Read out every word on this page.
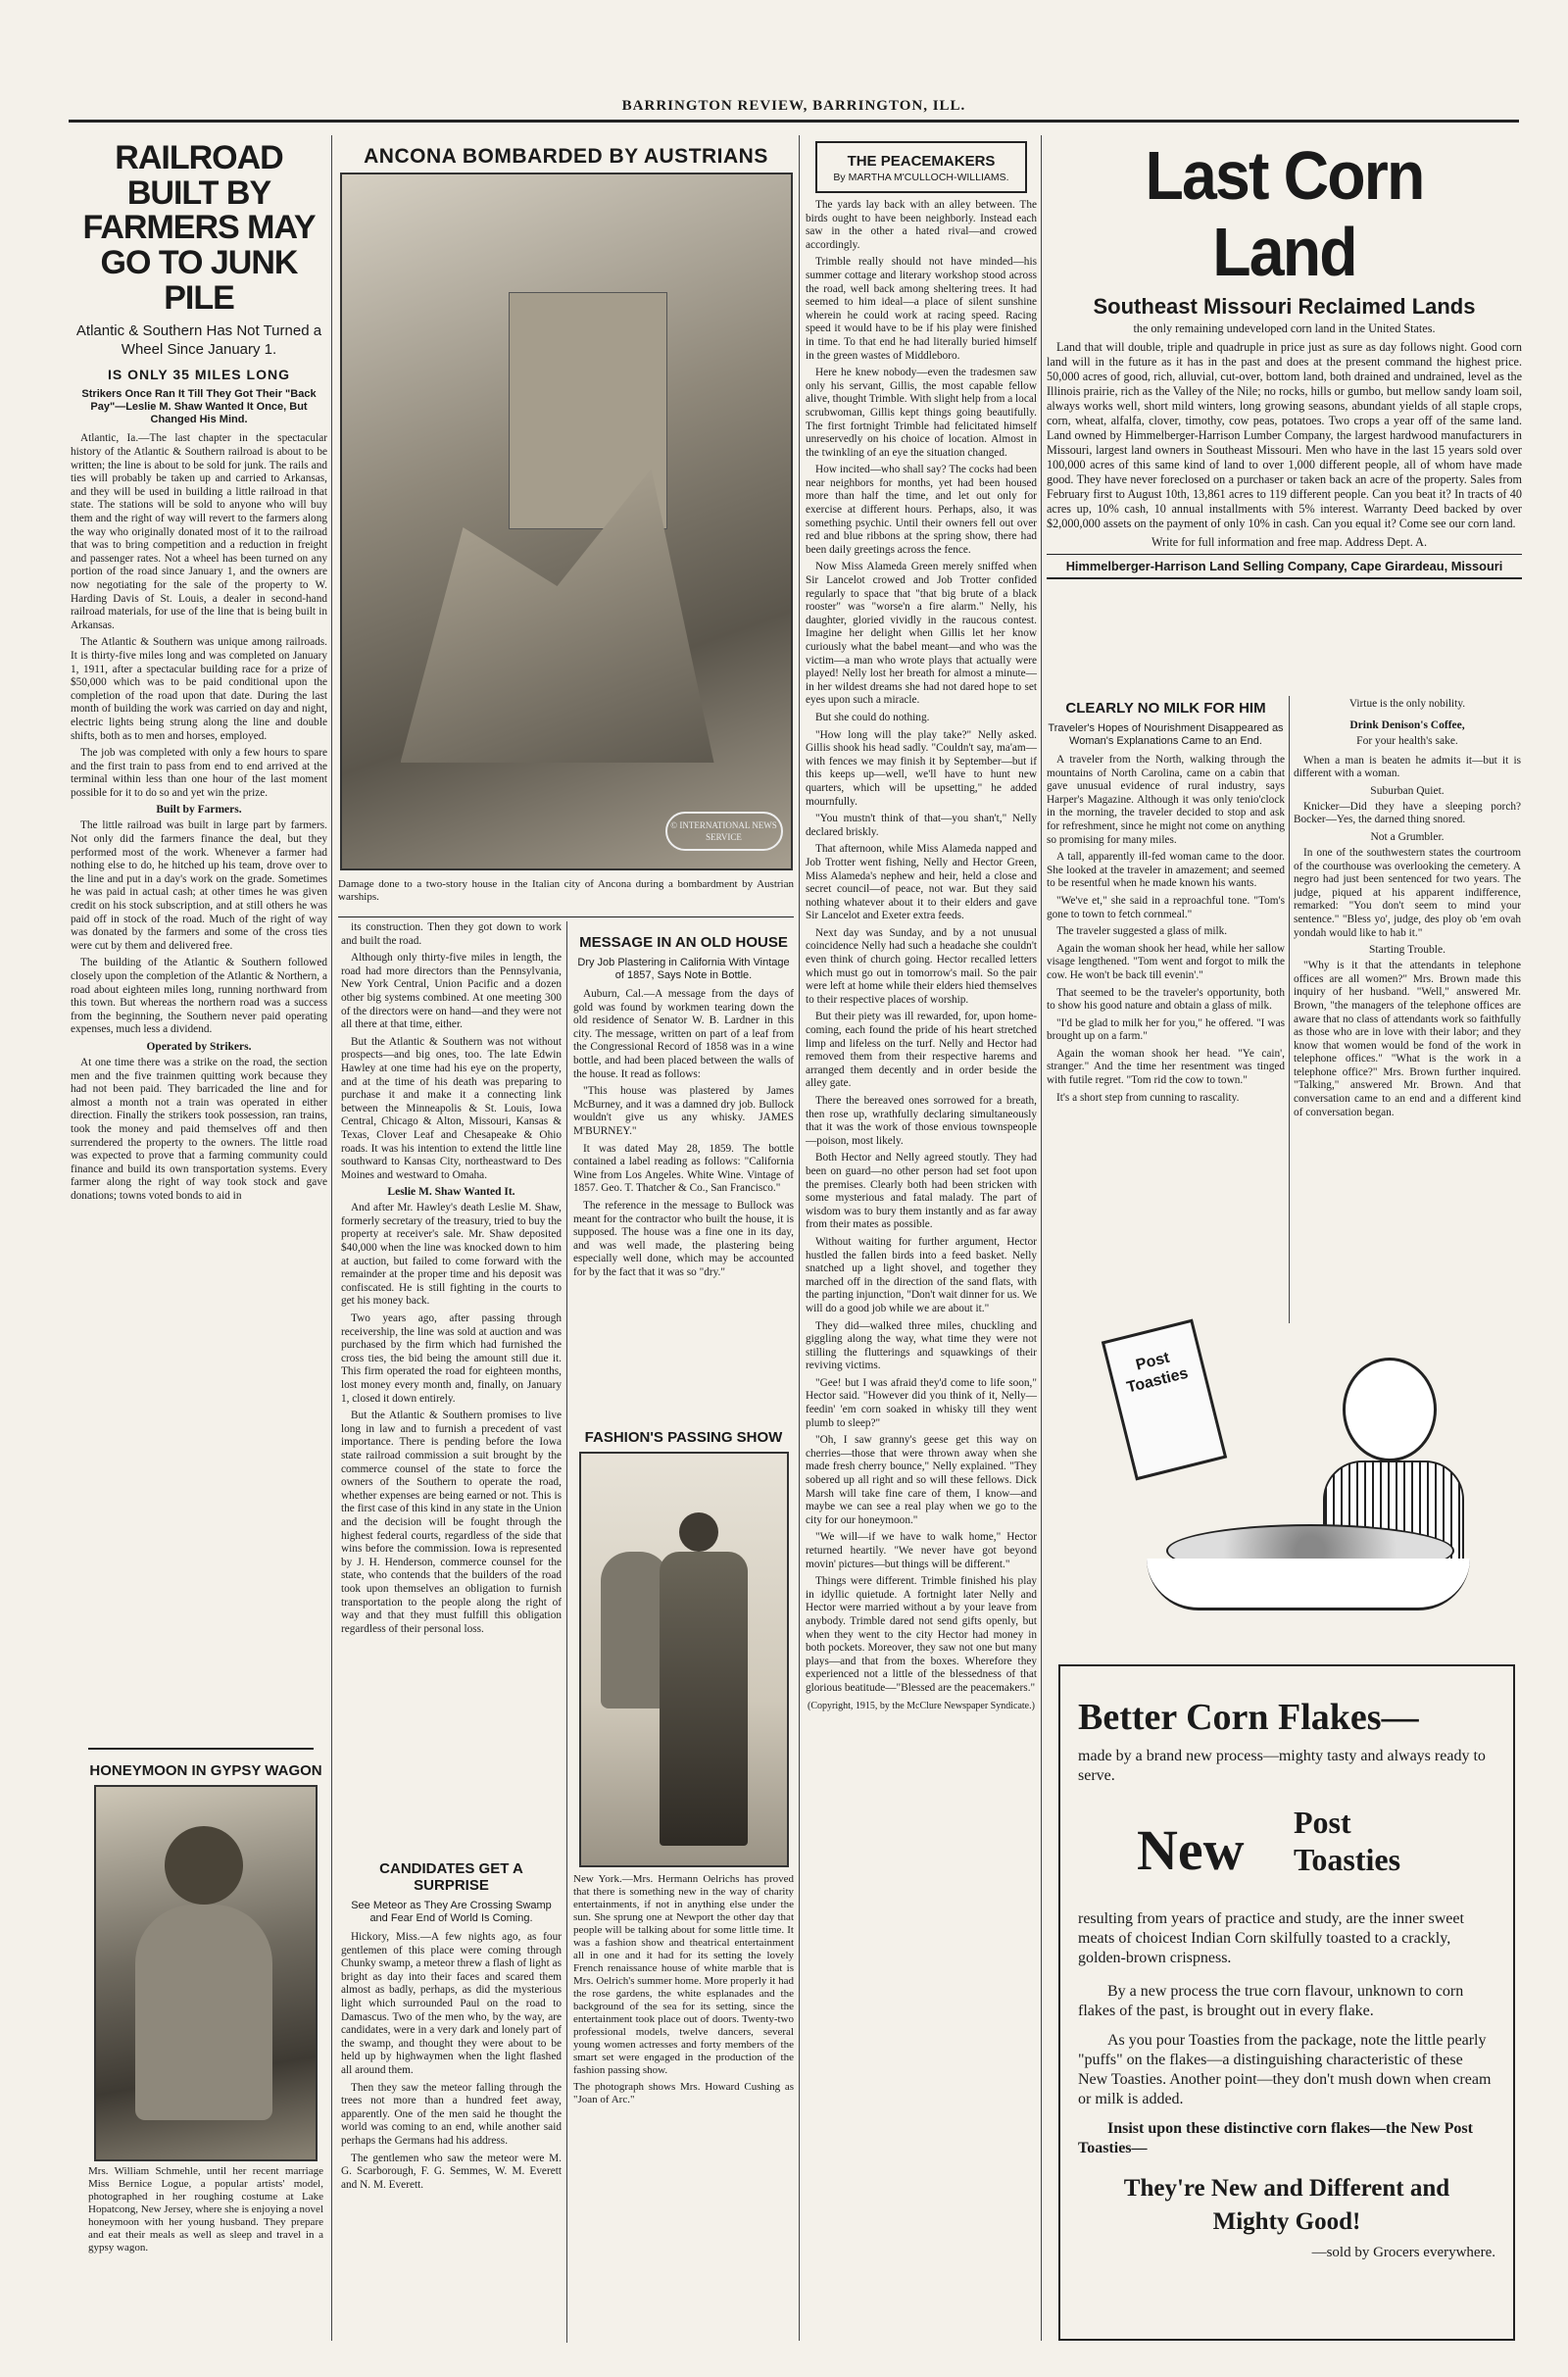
BARRINGTON REVIEW, BARRINGTON, ILL.
RAILROAD BUILT BY FARMERS MAY GO TO JUNK PILE
Atlantic & Southern Has Not Turned a Wheel Since January 1.
IS ONLY 35 MILES LONG
Strikers Once Ran It Till They Got Their "Back Pay"—Leslie M. Shaw Wanted It Once, But Changed His Mind.

Atlantic, Ia.—The last chapter in the spectacular history of the Atlantic & Southern railroad is about to be written; the line is about to be sold for junk. The rails and ties will probably be taken up and carried to Arkansas, and they will be used in building a little railroad in that state. The stations will be sold to anyone who will buy them and the right of way will revert to the farmers along the way who originally donated most of it to the railroad that was to bring competition and a reduction in freight and passenger rates. Not a wheel has been turned on any portion of the road since January 1, and the owners are now negotiating for the sale of the property to W. Harding Davis of St. Louis, a dealer in second-hand railroad materials, for use of the line that is being built in Arkansas.

The Atlantic & Southern was unique among railroads. It is thirty-five miles long and was completed on January 1, 1911, after a spectacular building race for a prize of $50,000 which was to be paid conditional upon the completion of the road upon that date. During the last month of building the work was carried on day and night, electric lights being strung along the line and double shifts, both as to men and horses, employed.

The job was completed with only a few hours to spare and the first train to pass from end to end arrived at the terminal within less than one hour of the last moment possible for it to do so and yet win the prize.

Built by Farmers.

The little railroad was built in large part by farmers. Not only did the farmers finance the deal, but they performed most of the work. Whenever a farmer had nothing else to do, he hitched up his team, drove over to the line and put in a day's work on the grade. Sometimes he was paid in actual cash; at other times he was given credit on his stock subscription, and at still others he was paid off in stock of the road. Much of the right of way was donated by the farmers and some of the cross ties were cut by them and delivered free.

The building of the Atlantic & Southern followed closely upon the completion of the Atlantic & Northern, a road about eighteen miles long, running northward from this town. But whereas the northern road was a success from the beginning, the Southern never paid operating expenses, much less a dividend.

Operated by Strikers.

At one time there was a strike on the road, the section men and the five trainmen quitting work because they had not been paid. They barricaded the line and for almost a month not a train was operated in either direction. Finally the strikers took possession, ran trains, took the money and paid themselves off and then surrendered the property to the owners. The little road was expected to prove that a farming community could finance and build its own transportation systems. Every farmer along the right of way took stock and gave donations; towns voted bonds to aid in

HONEYMOON IN GYPSY WAGON
Mrs. William Schmehle, until her recent marriage Miss Bernice Logue, a popular artists' model, photographed in her roughing costume at Lake Hopatcong, New Jersey, where she is enjoying a novel honeymoon with her young husband. They prepare and eat their meals as well as sleep and travel in a gypsy wagon.
ANCONA BOMBARDED BY AUSTRIANS
© INTERNATIONAL NEWS SERVICE
Damage done to a two-story house in the Italian city of Ancona during a bombardment by Austrian warships.

its construction. Then they got down to work and built the road.

Although only thirty-five miles in length, the road had more directors than the Pennsylvania, New York Central, Union Pacific and a dozen other big systems combined. At one meeting 300 of the directors were on hand—and they were not all there at that time, either.

But the Atlantic & Southern was not without prospects—and big ones, too. The late Edwin Hawley at one time had his eye on the property, and at the time of his death was preparing to purchase it and make it a connecting link between the Minneapolis & St. Louis, Iowa Central, Chicago & Alton, Missouri, Kansas & Texas, Clover Leaf and Chesapeake & Ohio roads. It was his intention to extend the little line southward to Kansas City, northeastward to Des Moines and westward to Omaha.

Leslie M. Shaw Wanted It.

And after Mr. Hawley's death Leslie M. Shaw, formerly secretary of the treasury, tried to buy the property at receiver's sale. Mr. Shaw deposited $40,000 when the line was knocked down to him at auction, but failed to come forward with the remainder at the proper time and his deposit was confiscated. He is still fighting in the courts to get his money back.

Two years ago, after passing through receivership, the line was sold at auction and was purchased by the firm which had furnished the cross ties, the bid being the amount still due it. This firm operated the road for eighteen months, lost money every month and, finally, on January 1, closed it down entirely.

But the Atlantic & Southern promises to live long in law and to furnish a precedent of vast importance. There is pending before the Iowa state railroad commission a suit brought by the commerce counsel of the state to force the owners of the Southern to operate the road, whether expenses are being earned or not. This is the first case of this kind in any state in the Union and the decision will be fought through the highest federal courts, regardless of the side that wins before the commission. Iowa is represented by J. H. Henderson, commerce counsel for the state, who contends that the builders of the road took upon themselves an obligation to furnish transportation to the people along the right of way and that they must fulfill this obligation regardless of their personal loss.

CANDIDATES GET A SURPRISE
See Meteor as They Are Crossing Swamp and Fear End of World Is Coming.

Hickory, Miss.—A few nights ago, as four gentlemen of this place were coming through Chunky swamp, a meteor threw a flash of light as bright as day into their faces and scared them almost as badly, perhaps, as did the mysterious light which surrounded Paul on the road to Damascus. Two of the men who, by the way, are candidates, were in a very dark and lonely part of the swamp, and thought they were about to be held up by highwaymen when the light flashed all around them.

Then they saw the meteor falling through the trees not more than a hundred feet away, apparently. One of the men said he thought the world was coming to an end, while another said perhaps the Germans had his address.

The gentlemen who saw the meteor were M. G. Scarborough, F. G. Semmes, W. M. Everett and N. M. Everett.

MESSAGE IN AN OLD HOUSE
Dry Job Plastering in California With Vintage of 1857, Says Note in Bottle.

Auburn, Cal.—A message from the days of gold was found by workmen tearing down the old residence of Senator W. B. Lardner in this city. The message, written on part of a leaf from the Congressional Record of 1858 was in a wine bottle, and had been placed between the walls of the house. It read as follows:

"This house was plastered by James McBurney, and it was a damned dry job. Bullock wouldn't give us any whisky. JAMES M'BURNEY."

It was dated May 28, 1859. The bottle contained a label reading as follows: "California Wine from Los Angeles. White Wine. Vintage of 1857. Geo. T. Thatcher & Co., San Francisco."

The reference in the message to Bullock was meant for the contractor who built the house, it is supposed. The house was a fine one in its day, and was well made, the plastering being especially well done, which may be accounted for by the fact that it was so "dry."

FASHION'S PASSING SHOW
New York.—Mrs. Hermann Oelrichs has proved that there is something new in the way of charity entertainments, if not in anything else under the sun. She sprung one at Newport the other day that people will be talking about for some little time. It was a fashion show and theatrical entertainment all in one and it had for its setting the lovely French renaissance house of white marble that is Mrs. Oelrich's summer home. More properly it had the rose gardens, the white esplanades and the background of the sea for its setting, since the entertainment took place out of doors. Twenty-two professional models, twelve dancers, several young women actresses and forty members of the smart set were engaged in the production of the fashion passing show.
The photograph shows Mrs. Howard Cushing as "Joan of Arc."
THE PEACEMAKERS
By MARTHA M'CULLOCH-WILLIAMS.

The yards lay back with an alley between. The birds ought to have been neighborly. Instead each saw in the other a hated rival—and crowed accordingly.

Trimble really should not have minded—his summer cottage and literary workshop stood across the road, well back among sheltering trees. It had seemed to him ideal—a place of silent sunshine wherein he could work at racing speed. Racing speed it would have to be if his play were finished in time. To that end he had literally buried himself in the green wastes of Middleboro.

Here he knew nobody—even the tradesmen saw only his servant, Gillis, the most capable fellow alive, thought Trimble. With slight help from a local scrubwoman, Gillis kept things going beautifully. The first fortnight Trimble had felicitated himself unreservedly on his choice of location. Almost in the twinkling of an eye the situation changed.

How incited—who shall say? The cocks had been near neighbors for months, yet had been housed more than half the time, and let out only for exercise at different hours. Perhaps, also, it was something psychic. Until their owners fell out over red and blue ribbons at the spring show, there had been daily greetings across the fence.

Now Miss Alameda Green merely sniffed when Sir Lancelot crowed and Job Trotter confided regularly to space that "that big brute of a black rooster" was "worse'n a fire alarm." Nelly, his daughter, gloried vividly in the raucous contest. Imagine her delight when Gillis let her know curiously what the babel meant—and who was the victim—a man who wrote plays that actually were played! Nelly lost her breath for almost a minute—in her wildest dreams she had not dared hope to set eyes upon such a miracle.

But she could do nothing.

"How long will the play take?" Nelly asked. Gillis shook his head sadly. "Couldn't say, ma'am—with fences we may finish it by September—but if this keeps up—well, we'll have to hunt new quarters, which will be upsetting," he added mournfully.

"You mustn't think of that—you shan't," Nelly declared briskly.

That afternoon, while Miss Alameda napped and Job Trotter went fishing, Nelly and Hector Green, Miss Alameda's nephew and heir, held a close and secret council—of peace, not war. But they said nothing whatever about it to their elders and gave Sir Lancelot and Exeter extra feeds.

Next day was Sunday, and by a not unusual coincidence Nelly had such a headache she couldn't even think of church going. Hector recalled letters which must go out in tomorrow's mail. So the pair were left at home while their elders hied themselves to their respective places of worship.

But their piety was ill rewarded, for, upon home-coming, each found the pride of his heart stretched limp and lifeless on the turf. Nelly and Hector had removed them from their respective harems and arranged them decently and in order beside the alley gate.

There the bereaved ones sorrowed for a breath, then rose up, wrathfully declaring simultaneously that it was the work of those envious townspeople—poison, most likely.

Both Hector and Nelly agreed stoutly. They had been on guard—no other person had set foot upon the premises. Clearly both had been stricken with some mysterious and fatal malady. The part of wisdom was to bury them instantly and as far away from their mates as possible.

Without waiting for further argument, Hector hustled the fallen birds into a feed basket. Nelly snatched up a light shovel, and together they marched off in the direction of the sand flats, with the parting injunction, "Don't wait dinner for us. We will do a good job while we are about it."

They did—walked three miles, chuckling and giggling along the way, what time they were not stilling the flutterings and squawkings of their reviving victims.

"Gee! but I was afraid they'd come to life soon," Hector said. "However did you think of it, Nelly—feedin' 'em corn soaked in whisky till they went plumb to sleep?"

"Oh, I saw granny's geese get this way on cherries—those that were thrown away when she made fresh cherry bounce," Nelly explained. "They sobered up all right and so will these fellows. Dick Marsh will take fine care of them, I know—and maybe we can see a real play when we go to the city for our honeymoon."

"We will—if we have to walk home," Hector returned heartily. "We never have got beyond movin' pictures—but things will be different."

Things were different. Trimble finished his play in idyllic quietude. A fortnight later Nelly and Hector were married without a by your leave from anybody. Trimble dared not send gifts openly, but when they went to the city Hector had money in both pockets. Moreover, they saw not one but many plays—and that from the boxes. Wherefore they experienced not a little of the blessedness of that glorious beatitude—"Blessed are the peacemakers."

(Copyright, 1915, by the McClure Newspaper Syndicate.)
Last Corn Land
Southeast Missouri Reclaimed Lands

the only remaining undeveloped corn land in the United States.

Land that will double, triple and quadruple in price just as sure as day follows night. Good corn land will in the future as it has in the past and does at the present command the highest price. 50,000 acres of good, rich, alluvial, cut-over, bottom land, both drained and undrained, level as the Illinois prairie, rich as the Valley of the Nile; no rocks, hills or gumbo, but mellow sandy loam soil, always works well, short mild winters, long growing seasons, abundant yields of all staple crops, corn, wheat, alfalfa, clover, timothy, cow peas, potatoes. Two crops a year off of the same land. Land owned by Himmelberger-Harrison Lumber Company, the largest hardwood manufacturers in Missouri, largest land owners in Southeast Missouri. Men who have in the last 15 years sold over 100,000 acres of this same kind of land to over 1,000 different people, all of whom have made good. They have never foreclosed on a purchaser or taken back an acre of the property. Sales from February first to August 10th, 13,861 acres to 119 different people. Can you beat it? In tracts of 40 acres up, 10% cash, 10 annual installments with 5% interest. Warranty Deed backed by over $2,000,000 assets on the payment of only 10% in cash. Can you equal it? Come see our corn land.

Write for full information and free map. Address Dept. A.

Himmelberger-Harrison Land Selling Company, Cape Girardeau, Missouri
CLEARLY NO MILK FOR HIM
Traveler's Hopes of Nourishment Disappeared as Woman's Explanations Came to an End.

A traveler from the North, walking through the mountains of North Carolina, came on a cabin that gave unusual evidence of rural industry, says Harper's Magazine. Although it was only tenio'clock in the morning, the traveler decided to stop and ask for refreshment, since he might not come on anything so promising for many miles.

A tall, apparently ill-fed woman came to the door. She looked at the traveler in amazement; and seemed to be resentful when he made known his wants.

"We've et," she said in a reproachful tone. "Tom's gone to town to fetch cornmeal."

The traveler suggested a glass of milk.

Again the woman shook her head, while her sallow visage lengthened. "Tom went and forgot to milk the cow. He won't be back till evenin'."

That seemed to be the traveler's opportunity, both to show his good nature and obtain a glass of milk.

"I'd be glad to milk her for you," he offered. "I was brought up on a farm."

Again the woman shook her head. "Ye cain', stranger." And the time her resentment was tinged with futile regret. "Tom rid the cow to town."

It's a short step from cunning to rascality.

Virtue is the only nobility.

Drink Denison's Coffee,
For your health's sake.

When a man is beaten he admits it—but it is different with a woman.

Suburban Quiet.

Knicker—Did they have a sleeping porch? Bocker—Yes, the darned thing snored.

Not a Grumbler.

In one of the southwestern states the courtroom of the courthouse was overlooking the cemetery. A negro had just been sentenced for two years. The judge, piqued at his apparent indifference, remarked: "You don't seem to mind your sentence." "Bless yo', judge, des ploy ob 'em ovah yondah would like to hab it."

Starting Trouble.

"Why is it that the attendants in telephone offices are all women?" Mrs. Brown made this inquiry of her husband. "Well," answered Mr. Brown, "the managers of the telephone offices are aware that no class of attendants work so faithfully as those who are in love with their labor; and they know that women would be fond of the work in telephone offices." "What is the work in a telephone office?" Mrs. Brown further inquired. "Talking," answered Mr. Brown. And that conversation came to an end and a different kind of conversation began.

Post Toasties
Better Corn Flakes—

made by a brand new process—mighty tasty and always ready to serve.

New Post Toasties

resulting from years of practice and study, are the inner sweet meats of choicest Indian Corn skilfully toasted to a crackly, golden-brown crispness.

By a new process the true corn flavour, unknown to corn flakes of the past, is brought out in every flake.

As you pour Toasties from the package, note the little pearly "puffs" on the flakes—a distinguishing characteristic of these New Toasties. Another point—they don't mush down when cream or milk is added.

Insist upon these distinctive corn flakes—the New Post Toasties—

They're New and Different and Mighty Good!
—sold by Grocers everywhere.
